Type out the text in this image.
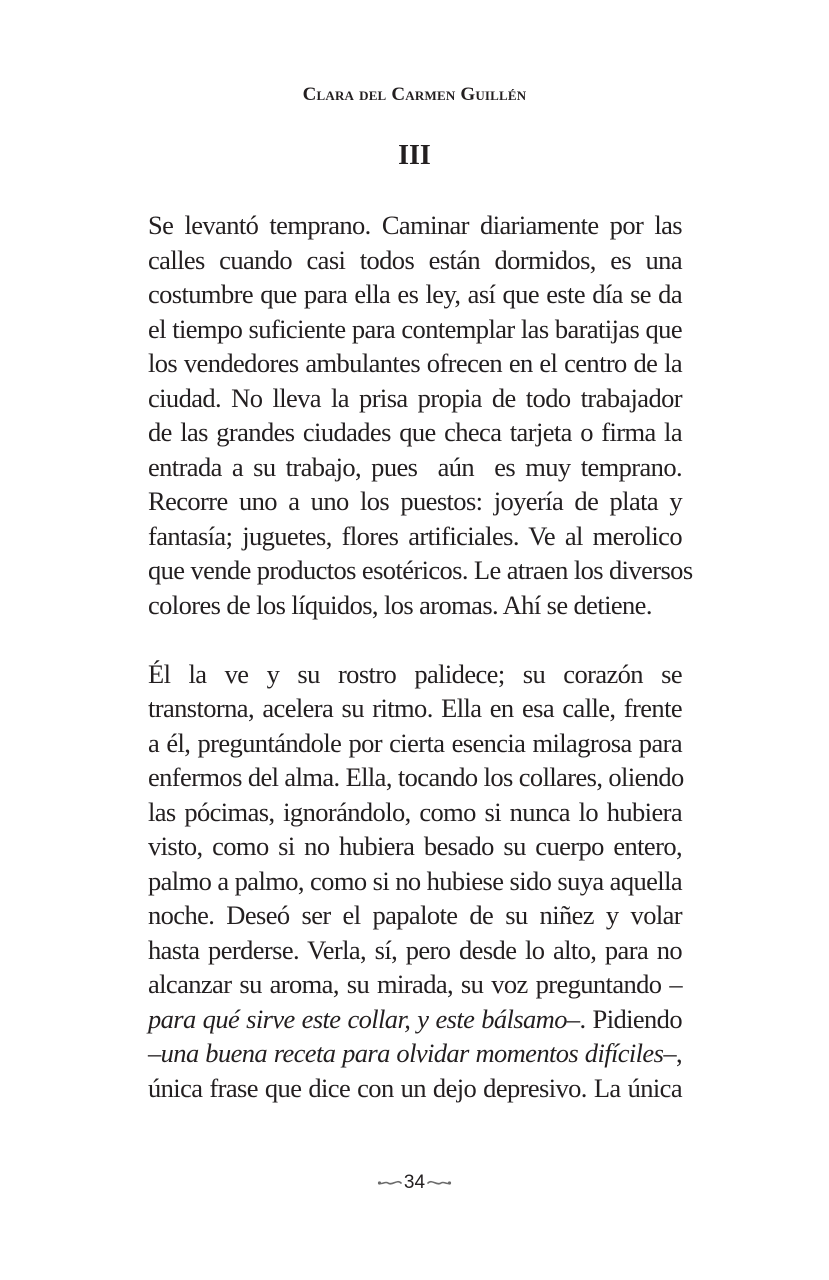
Clara del Carmen Guillén
III
Se levantó temprano. Caminar diariamente por las
calles cuando casi todos están dormidos, es una
costumbre que para ella es ley, así que este día se da
el tiempo suficiente para contemplar las baratijas que
los vendedores ambulantes ofrecen en el centro de la
ciudad. No lleva la prisa propia de todo trabajador
de las grandes ciudades que checa tarjeta o firma la
entrada a su trabajo, pues  aún  es muy temprano.
Recorre uno a uno los puestos: joyería de plata y
fantasía; juguetes, flores artificiales. Ve al merolico
que vende productos esotéricos. Le atraen los diversos
colores de los líquidos, los aromas. Ahí se detiene.
Él la ve y su rostro palidece; su corazón se
transtorna, acelera su ritmo. Ella en esa calle, frente
a él, preguntándole por cierta esencia milagrosa para
enfermos del alma. Ella, tocando los collares, oliendo
las pócimas, ignorándolo, como si nunca lo hubiera
visto, como si no hubiera besado su cuerpo entero,
palmo a palmo, como si no hubiese sido suya aquella
noche. Deseó ser el papalote de su niñez y volar
hasta perderse. Verla, sí, pero desde lo alto, para no
alcanzar su aroma, su mirada, su voz preguntando –
para qué sirve este collar, y este bálsamo–. Pidiendo
–una buena receta para olvidar momentos difíciles–,
única frase que dice con un dejo depresivo. La única
34
